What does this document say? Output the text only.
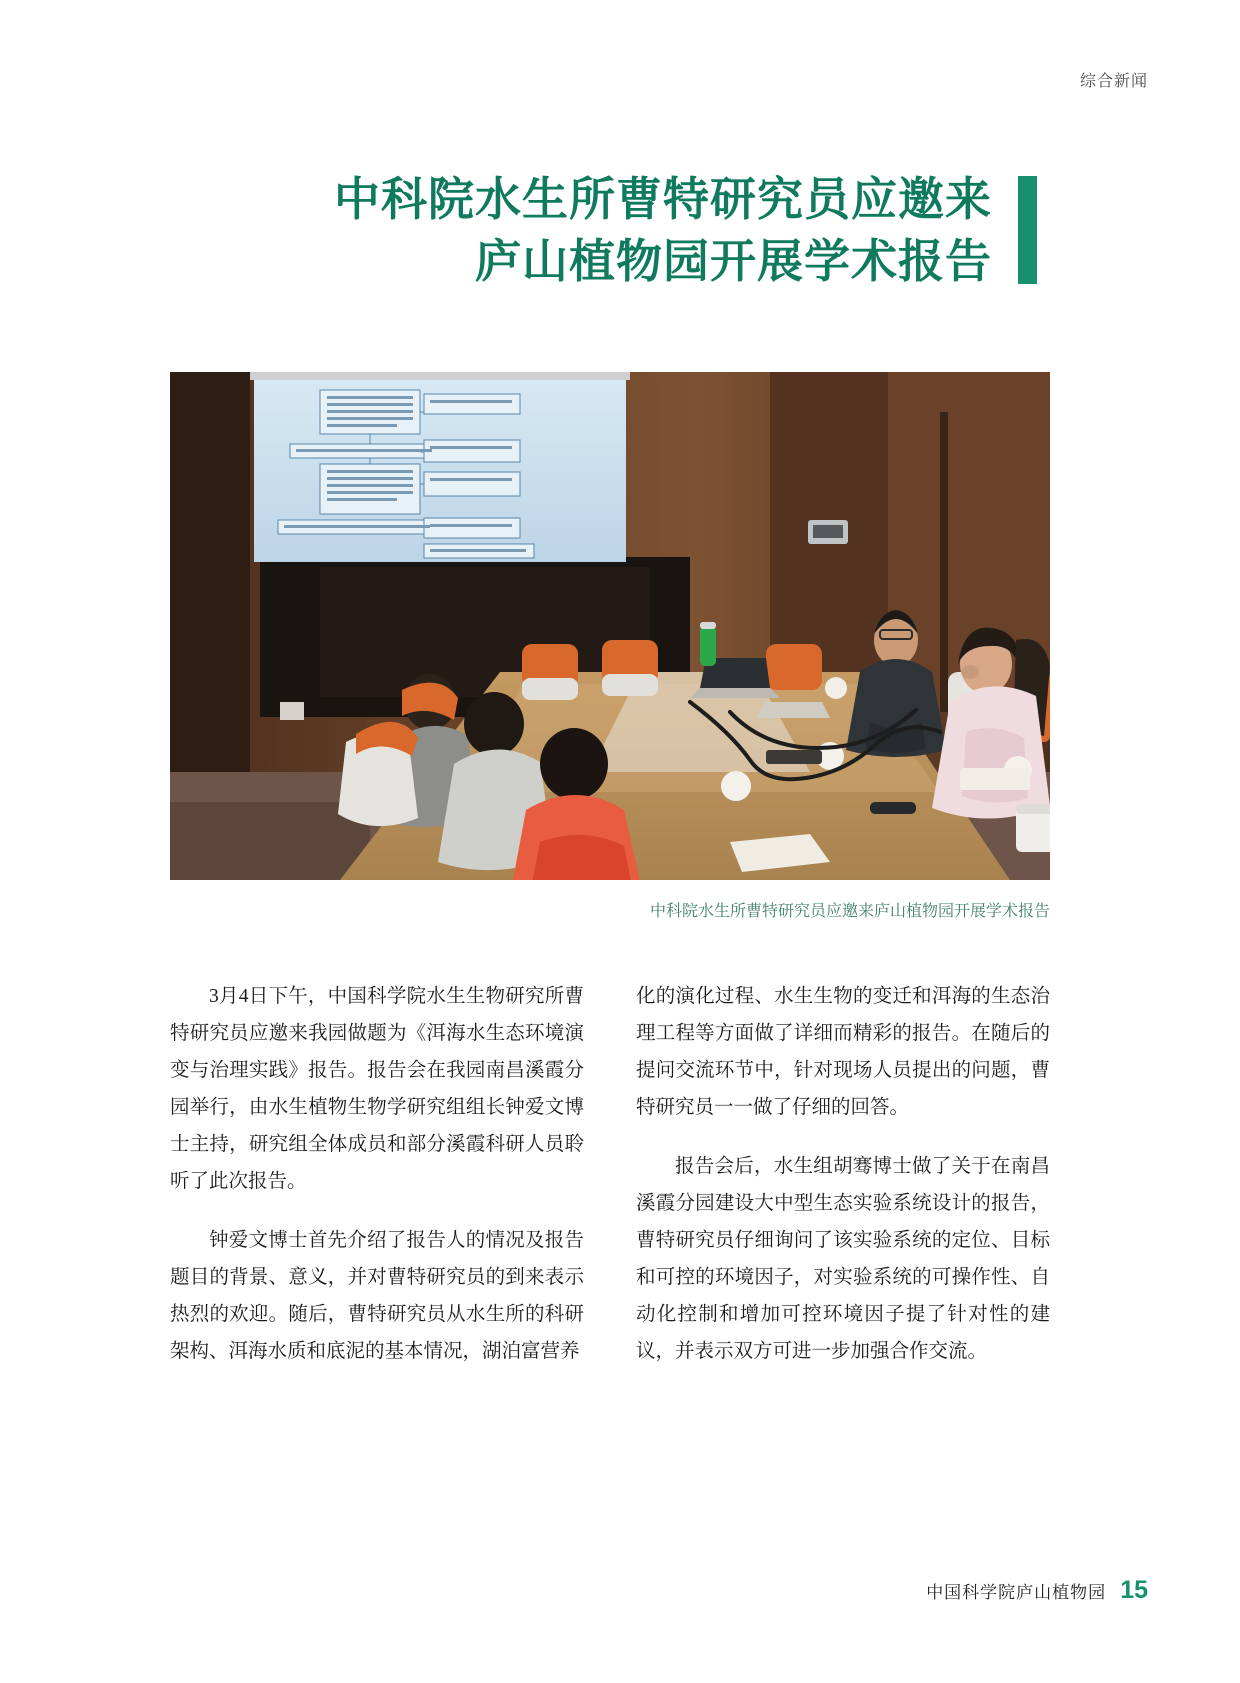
综合新闻
中科院水生所曹特研究员应邀来
庐山植物园开展学术报告
中科院水生所曹特研究员应邀来庐山植物园开展学术报告

3月4日下午，中国科学院水生生物研究所曹特研究员应邀来我园做题为《洱海水生态环境演变与治理实践》报告。报告会在我园南昌溪霞分园举行，由水生植物生物学研究组组长钟爱文博士主持，研究组全体成员和部分溪霞科研人员聆听了此次报告。

钟爱文博士首先介绍了报告人的情况及报告题目的背景、意义，并对曹特研究员的到来表示热烈的欢迎。随后，曹特研究员从水生所的科研架构、洱海水质和底泥的基本情况，湖泊富营养

化的演化过程、水生生物的变迁和洱海的生态治理工程等方面做了详细而精彩的报告。在随后的提问交流环节中，针对现场人员提出的问题，曹特研究员一一做了仔细的回答。

报告会后，水生组胡骞博士做了关于在南昌溪霞分园建设大中型生态实验系统设计的报告，曹特研究员仔细询问了该实验系统的定位、目标和可控的环境因子，对实验系统的可操作性、自动化控制和增加可控环境因子提了针对性的建议，并表示双方可进一步加强合作交流。

中国科学院庐山植物园 15
